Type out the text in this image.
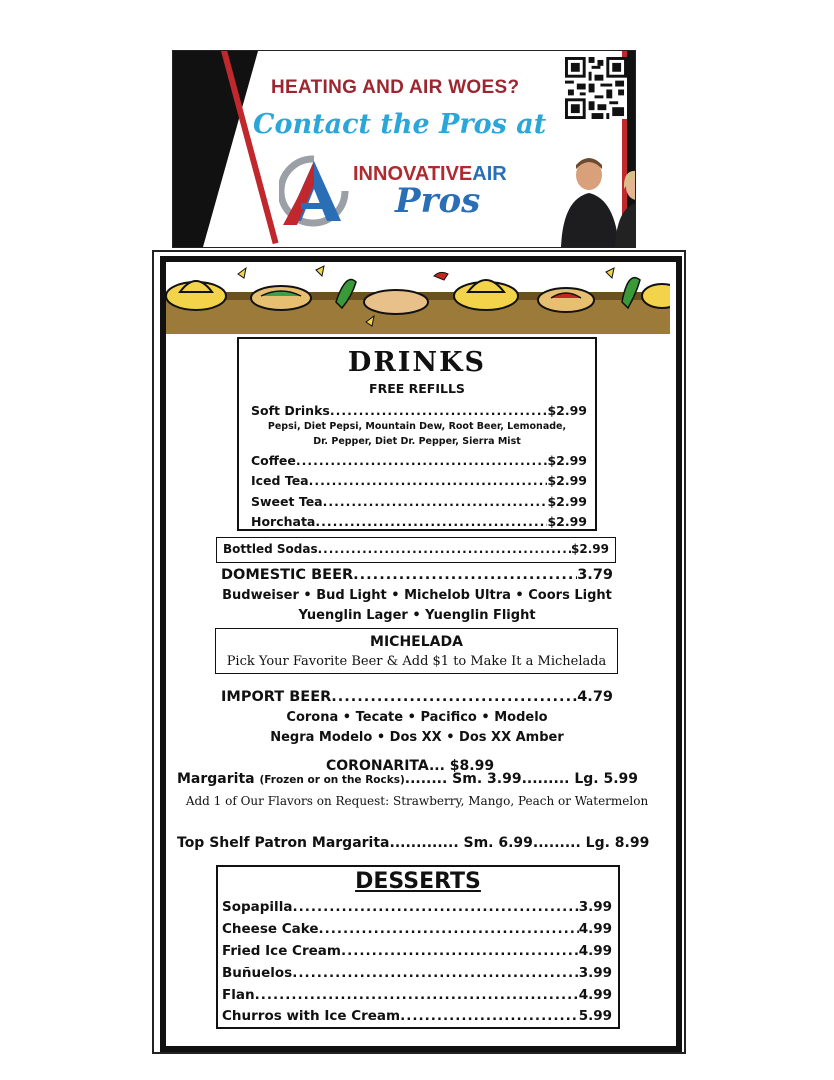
HEATING AND AIR WOES?
Contact the Pros at
INNOVATIVEAIR
Pros
DRINKS
FREE REFILLS
Soft Drinks .....	$2.99
Pepsi, Diet Pepsi, Mountain Dew, Root Beer, Lemonade,
Dr. Pepper, Diet Dr. Pepper, Sierra Mist
Coffee .....	$2.99
Iced Tea .....	$2.99
Sweet Tea .....	$2.99
Horchata .....	$2.99
Bottled Sodas .....	$2.99
DOMESTIC BEER .....	3.79
Budweiser • Bud Light • Michelob Ultra • Coors Light
Yuenglin Lager • Yuenglin Flight
MICHELADA
Pick Your Favorite Beer & Add $1 to Make It a Michelada
IMPORT BEER .....	4.79
Corona • Tecate • Pacifico • Modelo
Negra Modelo • Dos XX • Dos XX Amber
CORONARITA... $8.99
Margarita (Frozen or on the Rocks)........ Sm. 3.99......... Lg. 5.99
Add 1 of Our Flavors on Request: Strawberry, Mango, Peach or Watermelon
Top Shelf Patron Margarita............. Sm. 6.99......... Lg. 8.99
DESSERTS
Sopapilla .....	3.99
Cheese Cake .....	4.99
Fried Ice Cream .....	4.99
Buñuelos .....	3.99
Flan .....	4.99
Churros with Ice Cream .....	5.99
